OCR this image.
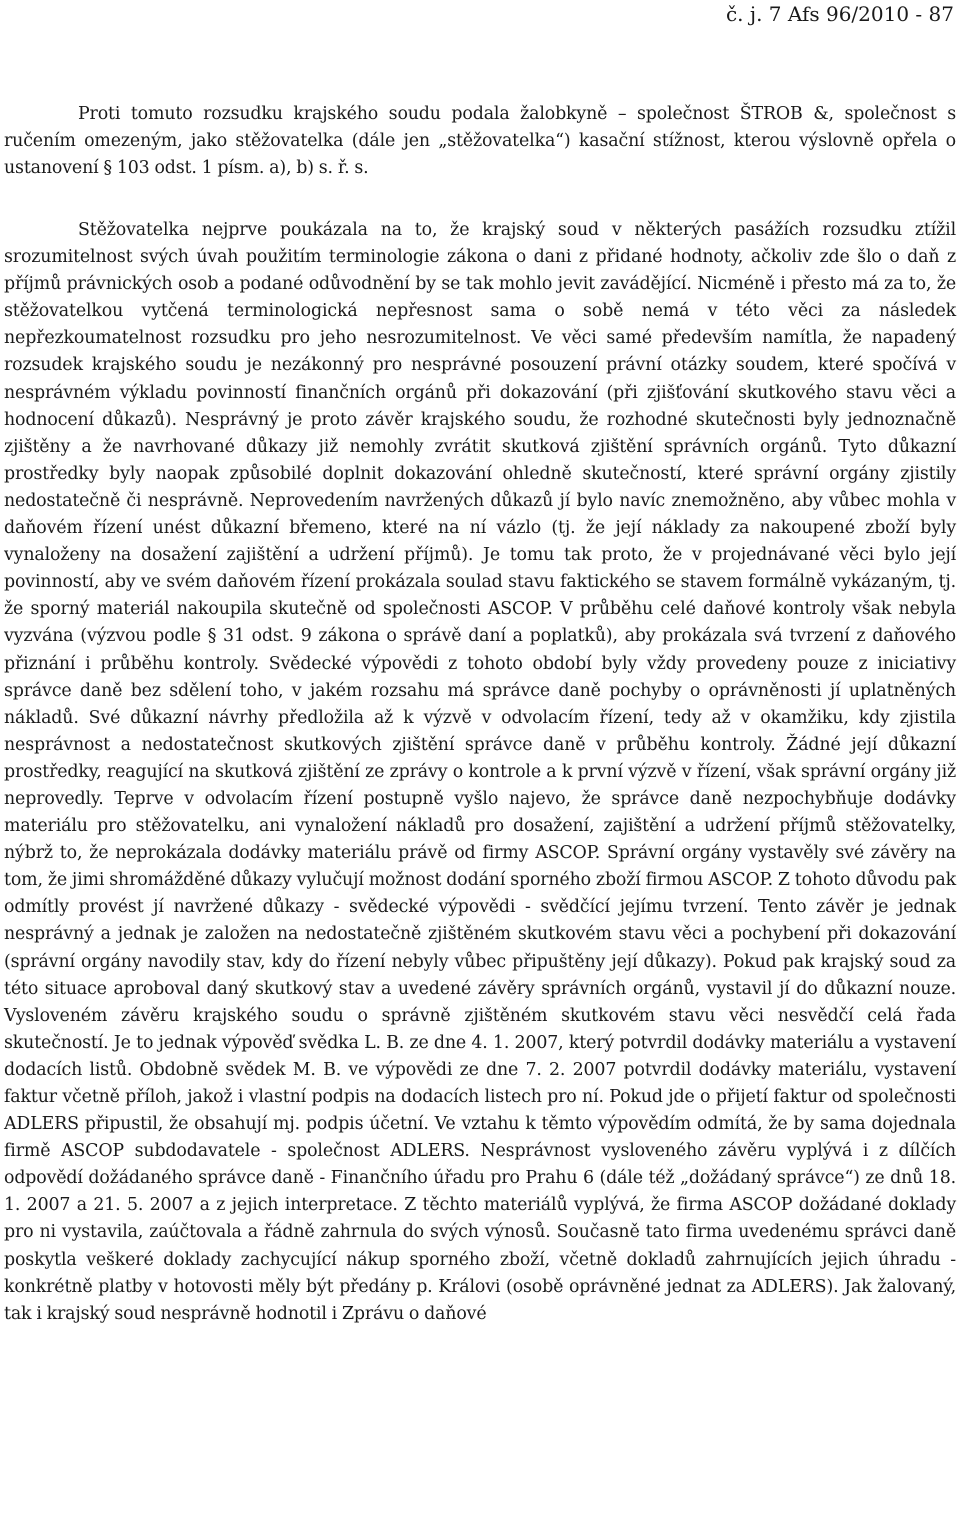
č. j. 7 Afs 96/2010 - 87

Proti tomuto rozsudku krajského soudu podala žalobkyně – společnost ŠTROB &, společnost s ručením omezeným, jako stěžovatelka (dále jen „stěžovatelka“) kasační stížnost, kterou výslovně opřela o ustanovení § 103 odst. 1 písm. a), b) s. ř. s.

Stěžovatelka nejprve poukázala na to, že krajský soud v některých pasážích rozsudku ztížil srozumitelnost svých úvah použitím terminologie zákona o dani z přidané hodnoty, ačkoliv zde šlo o daň z příjmů právnických osob a podané odůvodnění by se tak mohlo jevit zavádějící. Nicméně i přesto má za to, že stěžovatelkou vytčená terminologická nepřesnost sama o sobě nemá v této věci za následek nepřezkoumatelnost rozsudku pro jeho nesrozumitelnost. Ve věci samé především namítla, že napadený rozsudek krajského soudu je nezákonný pro nesprávné posouzení právní otázky soudem, které spočívá v nesprávném výkladu povinností finančních orgánů při dokazování (při zjišťování skutkového stavu věci a hodnocení důkazů). Nesprávný je proto závěr krajského soudu, že rozhodné skutečnosti byly jednoznačně zjištěny a že navrhované důkazy již nemohly zvrátit skutková zjištění správních orgánů. Tyto důkazní prostředky byly naopak způsobilé doplnit dokazování ohledně skutečností, které správní orgány zjistily nedostatečně či nesprávně. Neprovedením navržených důkazů jí bylo navíc znemožněno, aby vůbec mohla v daňovém řízení unést důkazní břemeno, které na ní vázlo (tj. že její náklady za nakoupené zboží byly vynaloženy na dosažení zajištění a udržení příjmů). Je tomu tak proto, že v projednávané věci bylo její povinností, aby ve svém daňovém řízení prokázala soulad stavu faktického se stavem formálně vykázaným, tj. že sporný materiál nakoupila skutečně od společnosti ASCOP. V průběhu celé daňové kontroly však nebyla vyzvána (výzvou podle § 31 odst. 9 zákona o správě daní a poplatků), aby prokázala svá tvrzení z daňového přiznání i průběhu kontroly. Svědecké výpovědi z tohoto období byly vždy provedeny pouze z iniciativy správce daně bez sdělení toho, v jakém rozsahu má správce daně pochyby o oprávněnosti jí uplatněných nákladů. Své důkazní návrhy předložila až k výzvě v odvolacím řízení, tedy až v okamžiku, kdy zjistila nesprávnost a nedostatečnost skutkových zjištění správce daně v průběhu kontroly. Žádné její důkazní prostředky, reagující na skutková zjištění ze zprávy o kontrole a k první výzvě v řízení, však správní orgány již neprovedly. Teprve v odvolacím řízení postupně vyšlo najevo, že správce daně nezpochybňuje dodávky materiálu pro stěžovatelku, ani vynaložení nákladů pro dosažení, zajištění a udržení příjmů stěžovatelky, nýbrž to, že neprokázala dodávky materiálu právě od firmy ASCOP. Správní orgány vystavěly své závěry na tom, že jimi shromážděné důkazy vylučují možnost dodání sporného zboží firmou ASCOP. Z tohoto důvodu pak odmítly provést jí navržené důkazy - svědecké výpovědi - svědčící jejímu tvrzení. Tento závěr je jednak nesprávný a jednak je založen na nedostatečně zjištěném skutkovém stavu věci a pochybení při dokazování (správní orgány navodily stav, kdy do řízení nebyly vůbec připuštěny její důkazy). Pokud pak krajský soud za této situace aproboval daný skutkový stav a uvedené závěry správních orgánů, vystavil jí do důkazní nouze. Vysloveném závěru krajského soudu o správně zjištěném skutkovém stavu věci nesvědčí celá řada skutečností. Je to jednak výpověď svědka L. B. ze dne 4. 1. 2007, který potvrdil dodávky materiálu a vystavení dodacích listů. Obdobně svědek M. B. ve výpovědi ze dne 7. 2. 2007 potvrdil dodávky materiálu, vystavení faktur včetně příloh, jakož i vlastní podpis na dodacích listech pro ní. Pokud jde o přijetí faktur od společnosti ADLERS připustil, že obsahují mj. podpis účetní. Ve vztahu k těmto výpovědím odmítá, že by sama dojednala firmě ASCOP subdodavatele - společnost ADLERS. Nesprávnost vysloveného závěru vyplývá i z dílčích odpovědí dožádaného správce daně - Finančního úřadu pro Prahu 6 (dále též „dožádaný správce“) ze dnů 18. 1. 2007 a 21. 5. 2007 a z jejich interpretace. Z těchto materiálů vyplývá, že firma ASCOP dožádané doklady pro ni vystavila, zaúčtovala a řádně zahrnula do svých výnosů. Současně tato firma uvedenému správci daně poskytla veškeré doklady zachycující nákup sporného zboží, včetně dokladů zahrnujících jejich úhradu - konkrétně platby v hotovosti měly být předány p. Královi (osobě oprávněné jednat za ADLERS). Jak žalovaný, tak i krajský soud nesprávně hodnotil i Zprávu o daňové
